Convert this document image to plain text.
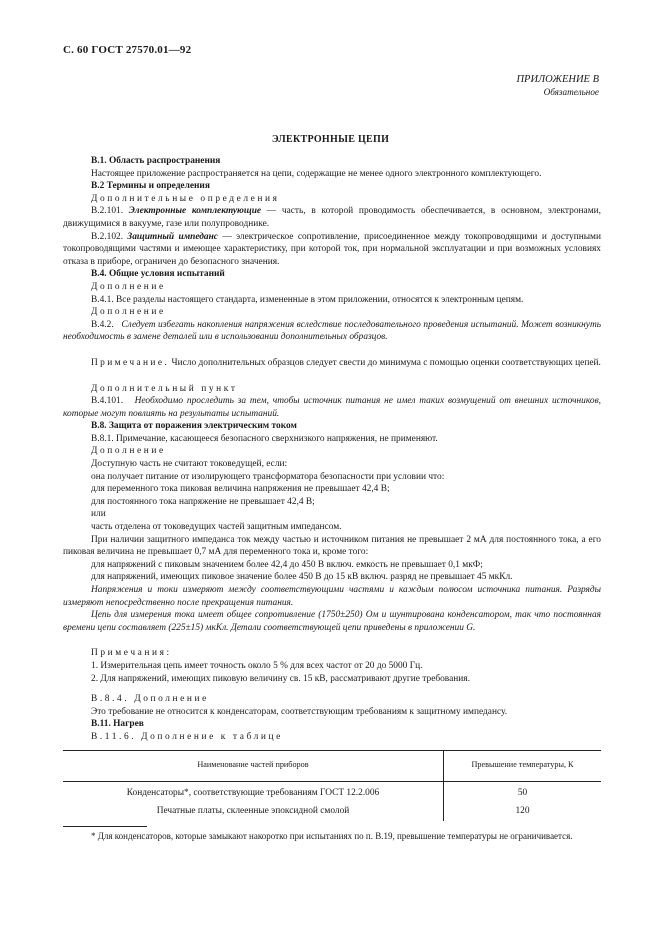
С. 60 ГОСТ 27570.01—92
ПРИЛОЖЕНИЕ В
Обязательное
ЭЛЕКТРОННЫЕ ЦЕПИ

В.1. Область распространения

Настоящее приложение распространяется на цепи, содержащие не менее одного электронного комплектующего.

В.2 Термины и определения

Дополнительные определения

В.2.101. Электронные комплектующие — часть, в которой проводимость обеспечивается, в основном, электронами, движущимися в вакууме, газе или полупроводнике.

В.2.102. Защитный импеданс — электрическое сопротивление, присоединенное между токопроводящими и доступными токопроводящими частями и имеющее характеристику, при которой ток, при нормальной эксплуатации и при возможных условиях отказа в приборе, ограничен до безопасного значения.

В.4. Общие условия испытаний

Дополнение

В.4.1. Все разделы настоящего стандарта, измененные в этом приложении, относятся к электронным цепям.

Дополнение

В.4.2. Следует избегать накопления напряжения вследствие последовательного проведения испытаний. Может возникнуть необходимость в замене деталей или в использовании дополнительных образцов.

Примечание. Число дополнительных образцов следует свести до минимума с помощью оценки соответствующих цепей.

Дополнительный пункт

В.4.101. Необходимо проследить за тем, чтобы источник питания не имел таких возмущений от внешних источников, которые могут повлиять на результаты испытаний.

В.8. Защита от поражения электрическим током

В.8.1. Примечание, касающееся безопасного сверхнизкого напряжения, не применяют.

Дополнение

Доступную часть не считают токоведущей, если:

она получает питание от изолирующего трансформатора безопасности при условии что:

для переменного тока пиковая величина напряжения не превышает 42,4 В;

для постоянного тока напряжение не превышает 42,4 В;

или

часть отделена от токоведущих частей защитным импедансом.

При наличии защитного импеданса ток между частью и источником питания не превышает 2 мА для постоянного тока, а его пиковая величина не превышает 0,7 мА для переменного тока и, кроме того:

для напряжений с пиковым значением более 42,4 до 450 В включ. емкость не превышает 0,1 мкФ;

для напряжений, имеющих пиковое значение более 450 В до 15 кВ включ. разряд не превышает 45 мкКл.

Напряжения и токи измеряют между соответствующими частями и каждым полюсом источника питания. Разряды измеряют непосредственно после прекращения питания.

Цепь для измерения тока имеет общее сопротивление (1750±250) Ом и шунтирована конденсатором, так что постоянная времени цепи составляет (225±15) мкКл. Детали соответствующей цепи приведены в приложении G.

Примечания:

1. Измерительная цепь имеет точность около 5 % для всех частот от 20 до 5000 Гц.

2. Для напряжений, имеющих пиковую величину св. 15 кВ, рассматривают другие требования.

В.8.4. Дополнение

Это требование не относится к конденсаторам, соответствующим требованиям к защитному импедансу.

В.11. Нагрев

В.11.6. Дополнение к таблице

Наименование частей приборов	Превышение температуры, К
Конденсаторы*, соответствующие требованиям ГОСТ 12.2.006	50
Печатные платы, склеенные эпоксидной смолой	120

* Для конденсаторов, которые замыкают накоротко при испытаниях по п. В.19, превышение температуры не ограничивается.
